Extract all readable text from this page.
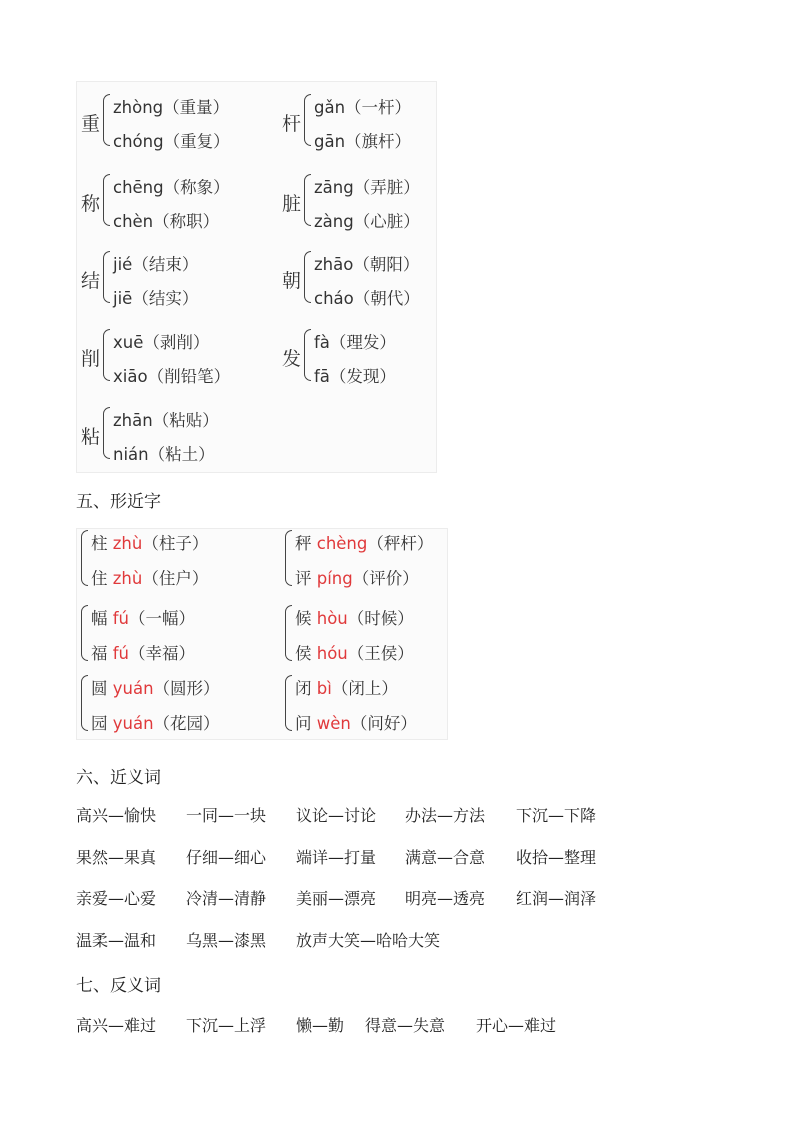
重
zhòng（重量）
chóng（重复）
杆
gǎn（一杆）
gān（旗杆）
称
chēng（称象）
chèn（称职）
脏
zāng（弄脏）
zàng（心脏）
结
jié（结束）
jiē（结实）
朝
zhāo（朝阳）
cháo（朝代）
削
xuē（剥削）
xiāo（削铅笔）
发
fà（理发）
fā（发现）
粘
zhān（粘贴）
nián（粘土）
五、形近字
柱 zhù（柱子）
住 zhù（住户）
秤 chèng（秤杆）
评 píng（评价）
幅 fú（一幅）
福 fú（幸福）
候 hòu（时候）
侯 hóu（王侯）
圆 yuán（圆形）
园 yuán（花园）
闭 bì（闭上）
问 wèn（问好）
六、近义词
高兴—愉快 一同—一块 议论—讨论 办法—方法 下沉—下降
果然—果真 仔细—细心 端详—打量 满意—合意 收拾—整理
亲爱—心爱 冷清—清静 美丽—漂亮 明亮—透亮 红润—润泽
温柔—温和 乌黑—漆黑 放声大笑—哈哈大笑
七、反义词
高兴—难过 下沉—上浮 懒—勤 得意—失意 开心—难过
